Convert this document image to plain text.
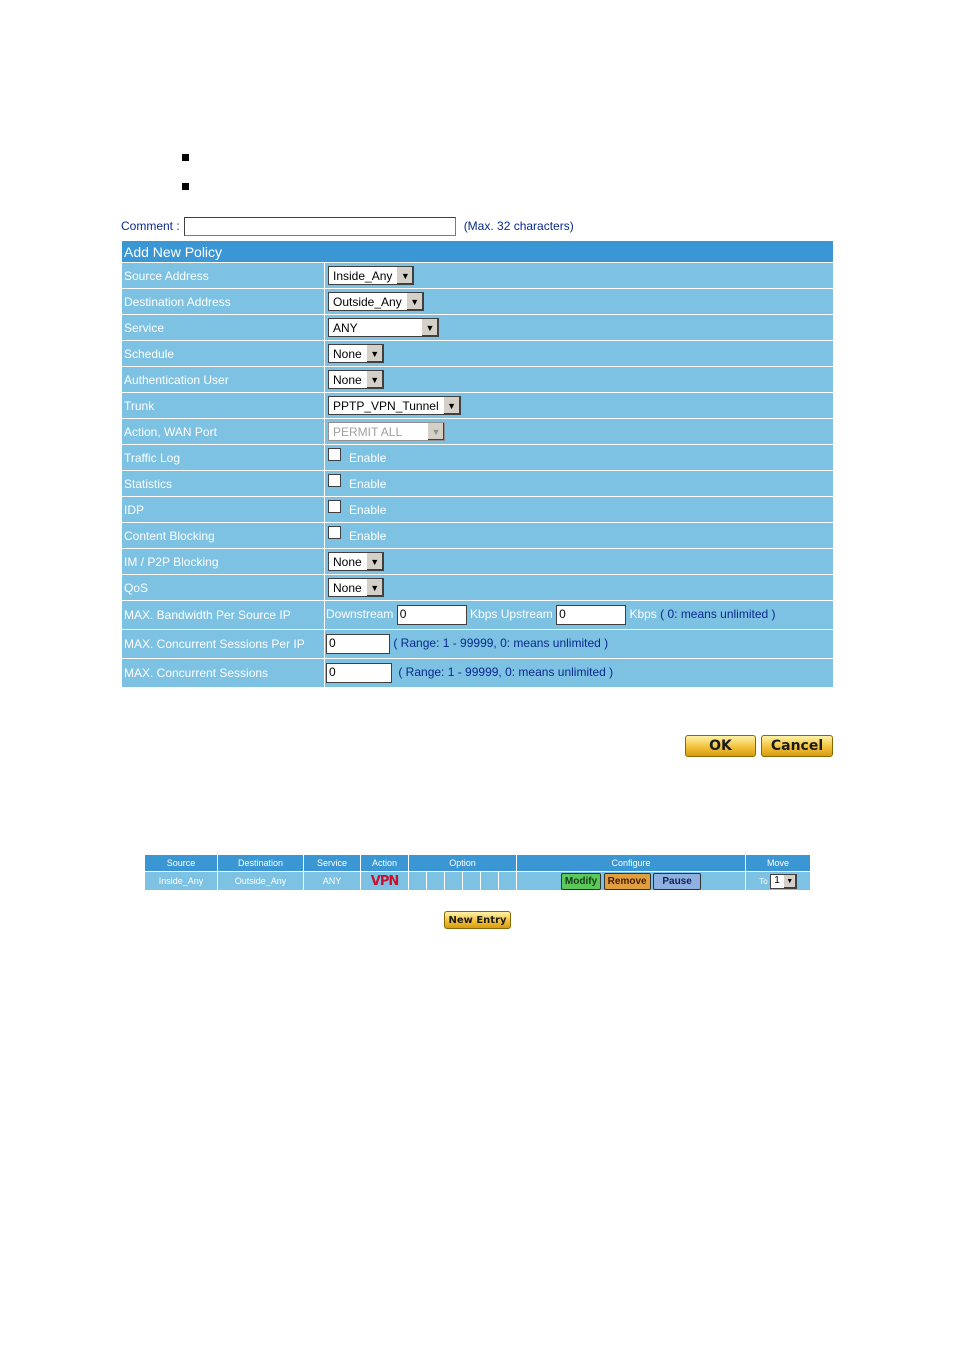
Comment :	(Max. 32 characters)
Add New Policy	
Source Address	Inside_Any ▼

Destination Address	Outside_Any ▼

Service	ANY ▼

Schedule	None ▼

Authentication User	None ▼

Trunk	PPTP_VPN_Tunnel ▼

Action, WAN Port	PERMIT ALL ▼

Traffic Log	Enable

Statistics	Enable

IDP	Enable

Content Blocking	Enable

IM / P2P Blocking	None ▼

QoS	None ▼

MAX. Bandwidth Per Source IP	Downstream 0 Kbps Upstream 0 Kbps ( 0: means unlimited )
MAX. Concurrent Sessions Per IP	0 ( Range: 1 - 99999, 0: means unlimited )
MAX. Concurrent Sessions	0 ( Range: 1 - 99999, 0: means unlimited )
OK	Cancel
Source	Destination	Service	Action	Option	Configure	Move
Inside_Any	Outside_Any	ANY	VPN		Modify Remove Pause	To 1 ▼
New Entry
